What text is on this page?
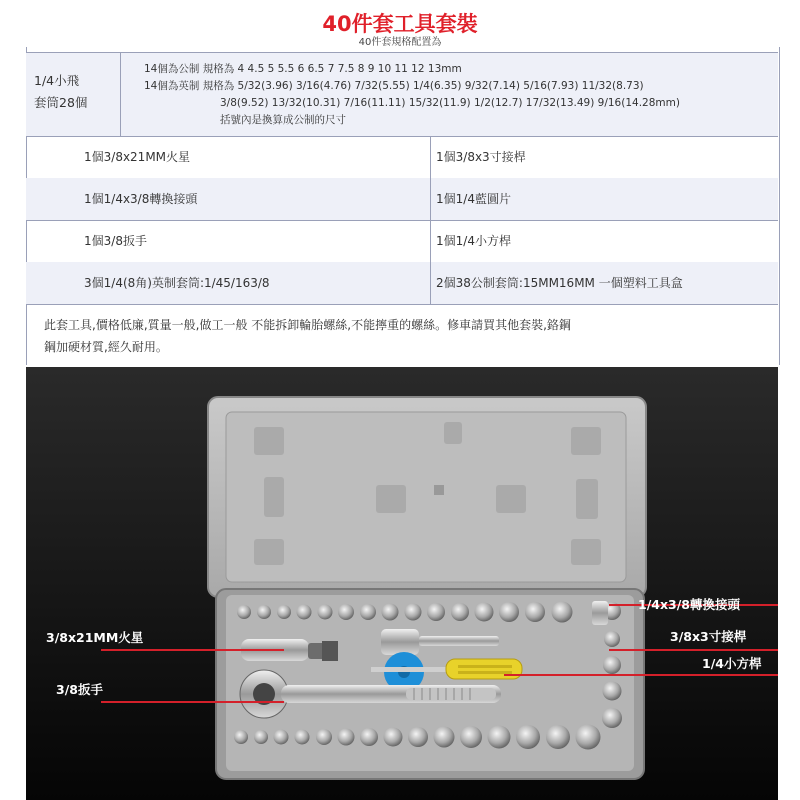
40件套工具套裝
40件套規格配置為
1/4小飛
套筒28個
14個為公制 規格為 4 4.5 5 5.5 6 6.5 7 7.5 8 9 10 11 12 13mm
14個為英制 規格為 5/32(3.96) 3/16(4.76) 7/32(5.55) 1/4(6.35) 9/32(7.14) 5/16(7.93) 11/32(8.73)
3/8(9.52) 13/32(10.31) 7/16(11.11) 15/32(11.9) 1/2(12.7) 17/32(13.49) 9/16(14.28mm)
括號內是換算成公制的尺寸
1個3/8x21MM火星	1個3/8x3寸接桿
1個1/4x3/8轉換接頭	1個1/4藍圓片
1個3/8扳手	1個1/4小方桿
3個1/4(8角)英制套筒:1/45/163/8	2個38公制套筒:15MM16MM 一個塑料工具盒
此套工具,價格低廉,質量一般,做工一般 不能拆卸輪胎螺絲,不能擰重的螺絲。修車請買其他套裝,鉻鋼
鋼加硬材質,經久耐用。
1/4x3/8轉換接頭
3/8x21MM火星	3/8x3寸接桿
1/4小方桿
3/8扳手
